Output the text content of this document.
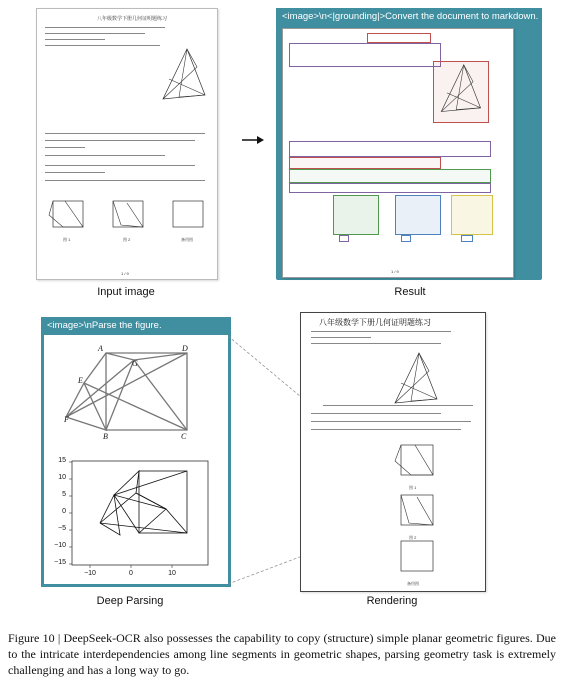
八年级数学下册几何证明题练习
图 1	图 2	备用图
1 / 9
Input image
<image>\n<|grounding|>Convert the document to markdown.
1 / 9
Result
<image>\nParse the figure.
A
G
D
E
F
B	C
15
10
5
0
−5
−10
−15
−10	0	10
Deep Parsing
八年级数学下册几何证明题练习
图 1
图 2
备用图
Rendering
Figure 10 | DeepSeek-OCR also possesses the capability to copy (structure) simple planar geometric figures. Due to the intricate interdependencies among line segments in geometric shapes, parsing geometry task is extremely challenging and has a long way to go.
